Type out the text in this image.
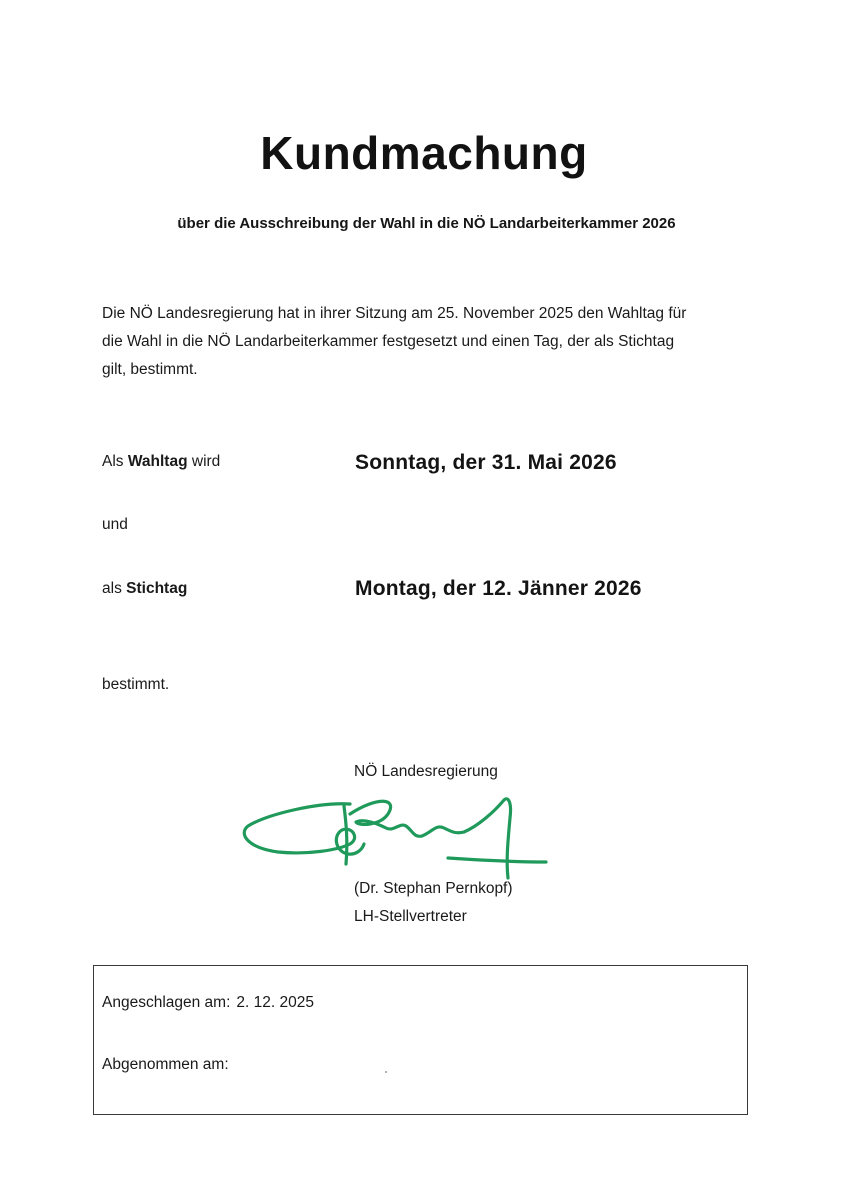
Kundmachung
über die Ausschreibung der Wahl in die NÖ Landarbeiterkammer 2026
Die NÖ Landesregierung hat in ihrer Sitzung am 25. November 2025 den Wahltag für
die Wahl in die NÖ Landarbeiterkammer festgesetzt und einen Tag, der als Stichtag
gilt, bestimmt.
Als Wahltag wird	Sonntag, der 31. Mai 2026
und
als Stichtag	Montag, der 12. Jänner 2026
bestimmt.
NÖ Landesregierung
(Dr. Stephan Pernkopf)
LH-Stellvertreter
Angeschlagen am: 2. 12. 2025
Abgenommen am:
